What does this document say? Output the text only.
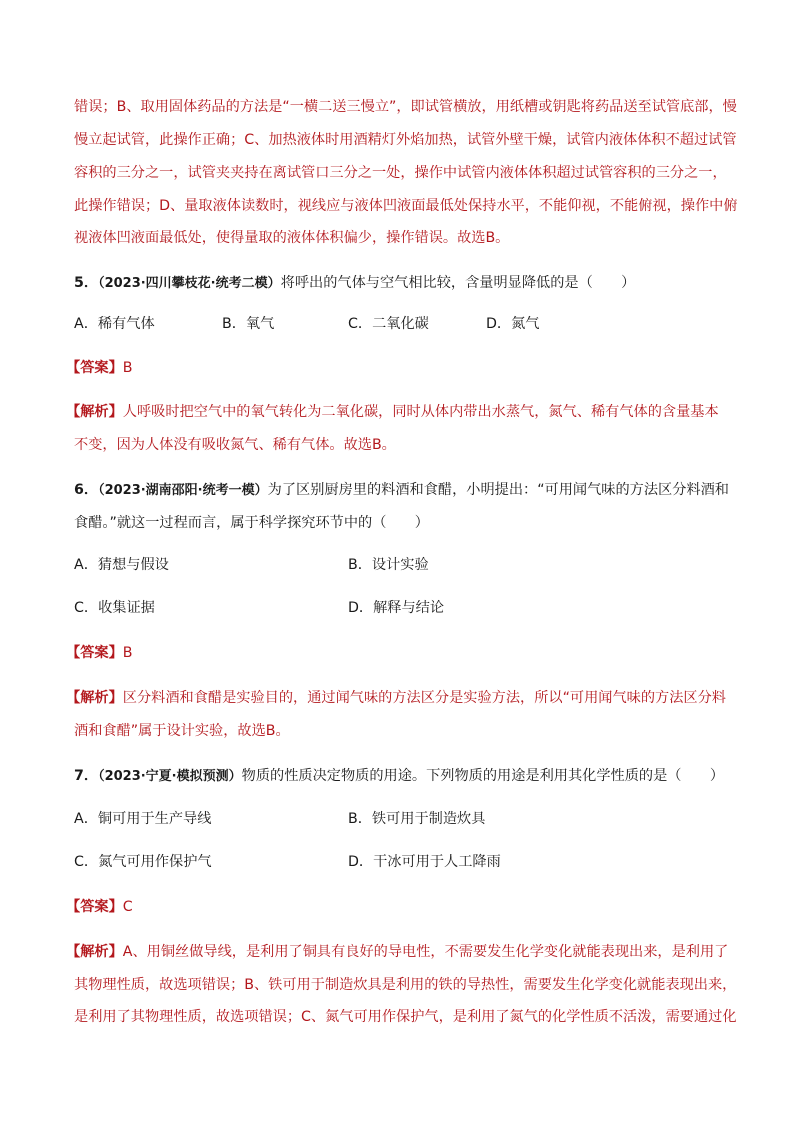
错误；B、取用固体药品的方法是“一横二送三慢立”，即试管横放，用纸槽或钥匙将药品送至试管底部，慢
慢立起试管，此操作正确；C、加热液体时用酒精灯外焰加热，试管外壁干燥，试管内液体体积不超过试管
容积的三分之一，试管夹夹持在离试管口三分之一处，操作中试管内液体体积超过试管容积的三分之一，
此操作错误；D、量取液体读数时，视线应与液体凹液面最低处保持水平，不能仰视，不能俯视，操作中俯
视液体凹液面最低处，使得量取的液体体积偏少，操作错误。故选B。
5．（2023·四川攀枝花·统考二模）将呼出的气体与空气相比较，含量明显降低的是（　　）
A．稀有气体	B．氧气	C．二氧化碳	D．氮气
【答案】B
【解析】人呼吸时把空气中的氧气转化为二氧化碳，同时从体内带出水蒸气，氮气、稀有气体的含量基本
不变，因为人体没有吸收氮气、稀有气体。故选B。
6．（2023·湖南邵阳·统考一模）为了区别厨房里的料酒和食醋，小明提出：“可用闻气味的方法区分料酒和
食醋。”就这一过程而言，属于科学探究环节中的（　　）
A．猜想与假设	B．设计实验
C．收集证据	D．解释与结论
【答案】B
【解析】区分料酒和食醋是实验目的，通过闻气味的方法区分是实验方法，所以“可用闻气味的方法区分料
酒和食醋”属于设计实验，故选B。
7．（2023·宁夏·模拟预测）物质的性质决定物质的用途。下列物质的用途是利用其化学性质的是（　　）
A．铜可用于生产导线	B．铁可用于制造炊具
C．氮气可用作保护气	D．干冰可用于人工降雨
【答案】C
【解析】A、用铜丝做导线，是利用了铜具有良好的导电性，不需要发生化学变化就能表现出来，是利用了
其物理性质，故选项错误；B、铁可用于制造炊具是利用的铁的导热性，需要发生化学变化就能表现出来，
是利用了其物理性质，故选项错误；C、氮气可用作保护气，是利用了氮气的化学性质不活泼，需要通过化
